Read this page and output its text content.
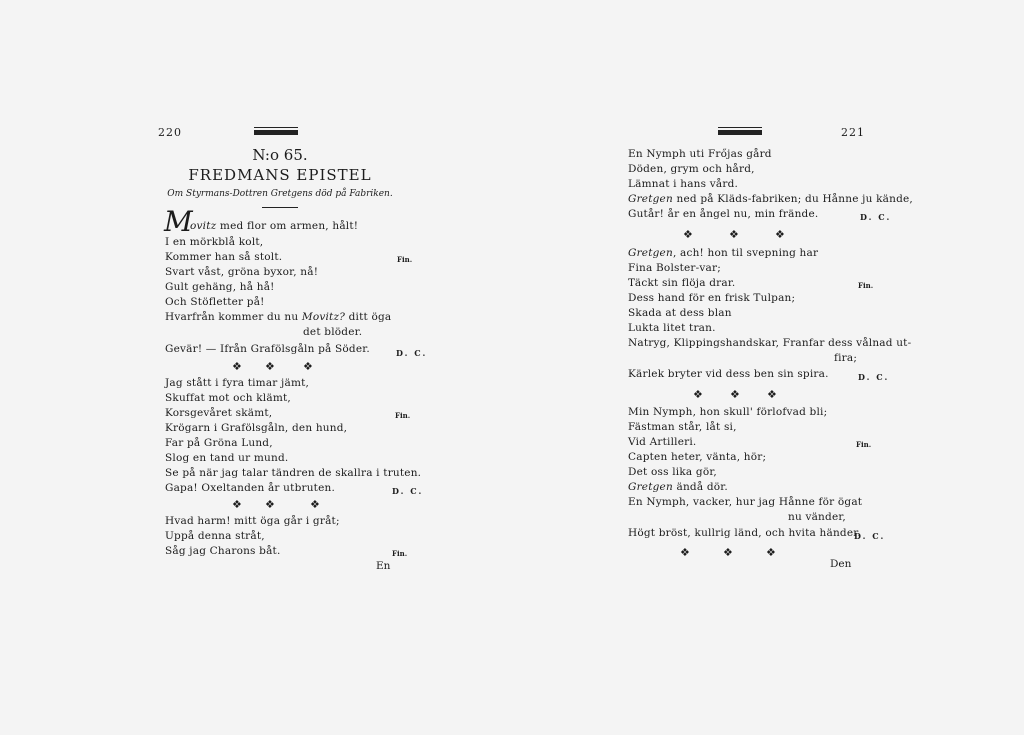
220
N:o 65.
FREDMANS EPISTEL
Om Styrmans-Dottren Gretgens död på Fabriken.
M
ovitz med flor om armen, hålt!
I en mörkblå kolt,
Kommer han så stolt.	Fin.
Svart våst, gröna byxor, nå!
Gult gehäng, hå hå!
Och Stöfletter på!
Hvarfrån kommer du nu Movitz? ditt öga
det blöder.
Gevär! — Ifrån Grafölsgåln på Söder.	D. C.
❖ ❖	❖
Jag stått i fyra timar jämt,
Skuffat mot och klämt,
Korsgevåret skämt,	Fin.
Krögarn i Grafölsgåln, den hund,
Far på Gröna Lund,
Slog en tand ur mund.
Se på när jag talar tändren de skallra i truten.
Gapa! Oxeltanden år utbruten.	D. C.
❖ ❖	❖
Hvad harm! mitt öga går i gråt;
Uppå denna stråt,
Såg jag Charons båt.	Fin.
En
221
En Nymph uti Frőjas gård
Döden, grym och hård,
Lämnat i hans vård.
Gretgen ned på Kläds-fabriken; du Hånne ju kände,
Gutår! år en ångel nu, min frände.	D. C.
❖	❖	❖
Gretgen, ach! hon til svepning har
Fina Bolster-var;
Täckt sin flöja drar.	Fin.
Dess hand för en frisk Tulpan;
Skada at dess blan
Lukta litet tran.
Natryg, Klippingshandskar, Franfar dess vålnad ut-
fira;
Kärlek bryter vid dess ben sin spira.	D. C.
❖ ❖ ❖
Min Nymph, hon skull' förlofvad bli;
Fästman står, låt si,
Vid Artilleri.	Fin.
Capten heter, vänta, hör;
Det oss lika gör,
Gretgen ändå dör.
En Nymph, vacker, hur jag Hånne för ögat
nu vänder,
Högt bröst, kullrig länd, och hvita händer.
D. C.
❖	❖	❖
Den
